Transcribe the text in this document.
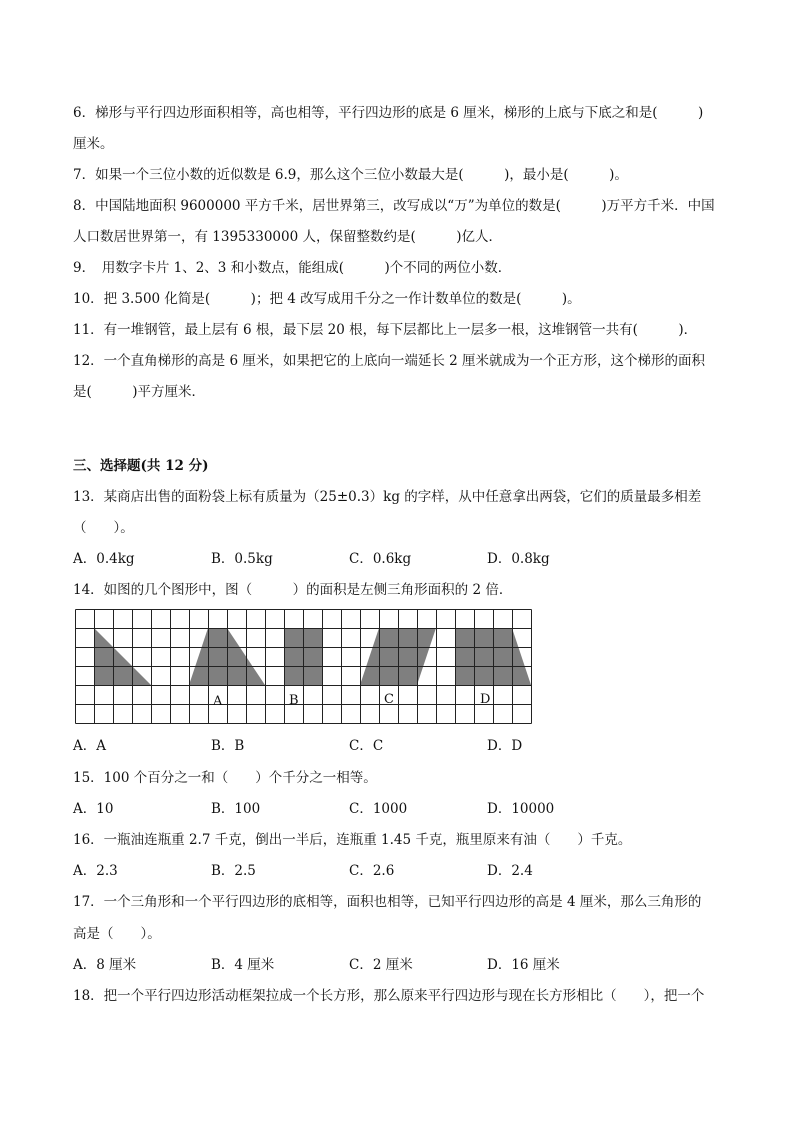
6．梯形与平行四边形面积相等，高也相等，平行四边形的底是 6 厘米，梯形的上底与下底之和是(　　　)
厘米。
7．如果一个三位小数的近似数是 6.9，那么这个三位小数最大是(　　　)，最小是(　　　)。
8．中国陆地面积 9600000 平方千米，居世界第三，改写成以“万”为单位的数是(　　　)万平方千米．中国
人口数居世界第一，有 1395330000 人，保留整数约是(　　　)亿人．
9．　用数字卡片 1、2、3 和小数点，能组成(　　　)个不同的两位小数．
10．把 3.500 化简是(　　　)；把 4 改写成用千分之一作计数单位的数是(　　　)。
11．有一堆钢管，最上层有 6 根，最下层 20 根，每下层都比上一层多一根，这堆钢管一共有(　　　)．
12．一个直角梯形的高是 6 厘米，如果把它的上底向一端延长 2 厘米就成为一个正方形，这个梯形的面积
是(　　　)平方厘米．
三、选择题(共 12 分)
13．某商店出售的面粉袋上标有质量为（25±0.3）kg 的字样，从中任意拿出两袋，它们的质量最多相差
（　　）。
A．0.4kg	B．0.5kg	C．0.6kg	D．0.8kg
14．如图的几个图形中，图（　　　）的面积是左侧三角形面积的 2 倍．
A	B	C	D
A．A	B．B	C．C	D．D
15．100 个百分之一和（　　）个千分之一相等。
A．10	B．100	C．1000	D．10000
16．一瓶油连瓶重 2.7 千克，倒出一半后，连瓶重 1.45 千克，瓶里原来有油（　　）千克。
A．2.3	B．2.5	C．2.6	D．2.4
17．一个三角形和一个平行四边形的底相等，面积也相等，已知平行四边形的高是 4 厘米，那么三角形的
高是（　　）。
A．8 厘米	B．4 厘米	C．2 厘米	D．16 厘米
18．把一个平行四边形活动框架拉成一个长方形，那么原来平行四边形与现在长方形相比（　　），把一个
